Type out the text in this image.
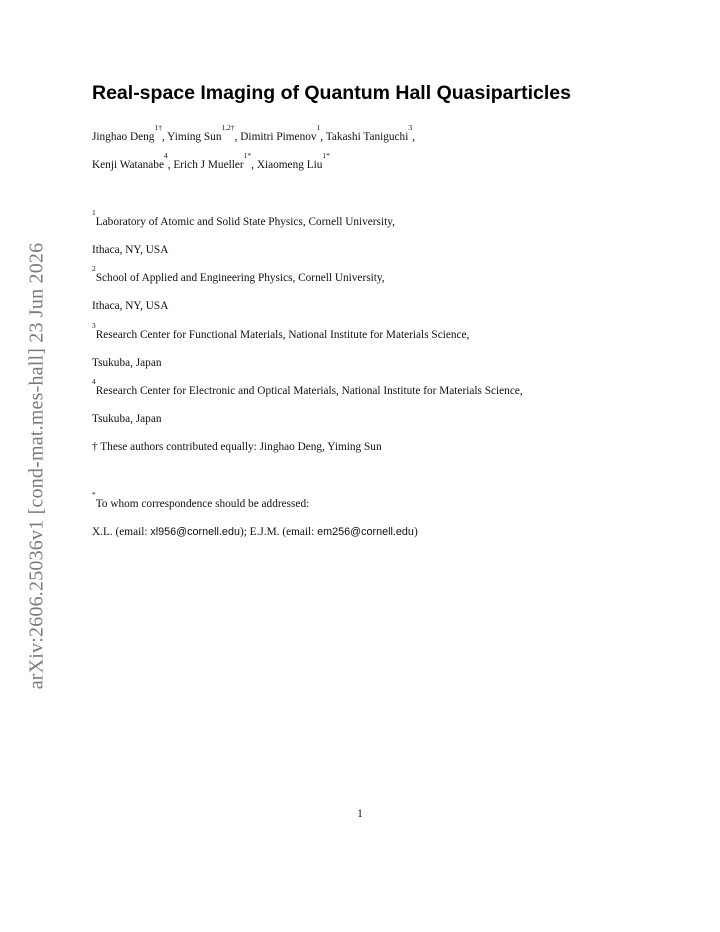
arXiv:2606.25036v1 [cond-mat.mes-hall] 23 Jun 2026
Real-space Imaging of Quantum Hall Quasiparticles
Jinghao Deng$^{1\dagger}$, Yiming Sun$^{1,2\dagger}$, Dimitri Pimenov$^1$, Takashi Taniguchi$^3$,
Kenji Watanabe$^4$, Erich J Mueller$^{1*}$, Xiaomeng Liu$^{1*}$
$^1$Laboratory of Atomic and Solid State Physics, Cornell University,
Ithaca, NY, USA
$^2$School of Applied and Engineering Physics, Cornell University,
Ithaca, NY, USA
$^3$Research Center for Functional Materials, National Institute for Materials Science,
Tsukuba, Japan
$^4$Research Center for Electronic and Optical Materials, National Institute for Materials Science,
Tsukuba, Japan
† These authors contributed equally: Jinghao Deng, Yiming Sun
*To whom correspondence should be addressed:
X.L. (email: xl956@cornell.edu); E.J.M. (email: em256@cornell.edu)
1
